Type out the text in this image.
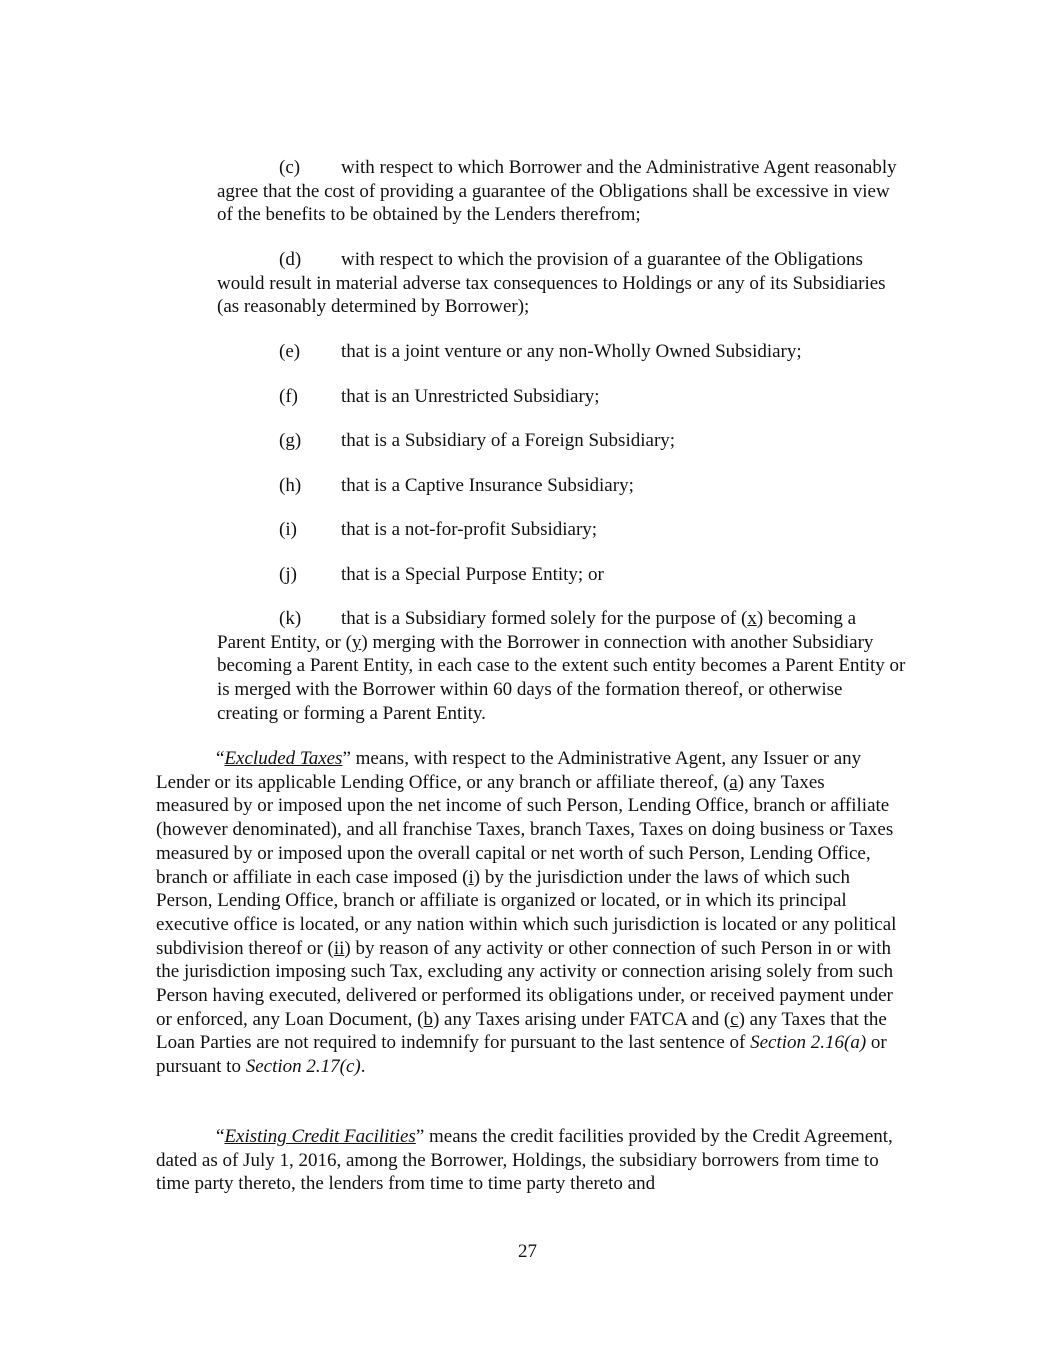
(c) with respect to which Borrower and the Administrative Agent reasonably agree that the cost of providing a guarantee of the Obligations shall be excessive in view of the benefits to be obtained by the Lenders therefrom;

(d) with respect to which the provision of a guarantee of the Obligations would result in material adverse tax consequences to Holdings or any of its Subsidiaries (as reasonably determined by Borrower);

(e) that is a joint venture or any non-Wholly Owned Subsidiary;

(f) that is an Unrestricted Subsidiary;

(g) that is a Subsidiary of a Foreign Subsidiary;

(h) that is a Captive Insurance Subsidiary;

(i) that is a not-for-profit Subsidiary;

(j) that is a Special Purpose Entity; or

(k) that is a Subsidiary formed solely for the purpose of (x) becoming a Parent Entity, or (y) merging with the Borrower in connection with another Subsidiary becoming a Parent Entity, in each case to the extent such entity becomes a Parent Entity or is merged with the Borrower within 60 days of the formation thereof, or otherwise creating or forming a Parent Entity.

“Excluded Taxes” means, with respect to the Administrative Agent, any Issuer or any Lender or its applicable Lending Office, or any branch or affiliate thereof, (a) any Taxes measured by or imposed upon the net income of such Person, Lending Office, branch or affiliate (however denominated), and all franchise Taxes, branch Taxes, Taxes on doing business or Taxes measured by or imposed upon the overall capital or net worth of such Person, Lending Office, branch or affiliate in each case imposed (i) by the jurisdiction under the laws of which such Person, Lending Office, branch or affiliate is organized or located, or in which its principal executive office is located, or any nation within which such jurisdiction is located or any political subdivision thereof or (ii) by reason of any activity or other connection of such Person in or with the jurisdiction imposing such Tax, excluding any activity or connection arising solely from such Person having executed, delivered or performed its obligations under, or received payment under or enforced, any Loan Document, (b) any Taxes arising under FATCA and (c) any Taxes that the Loan Parties are not required to indemnify for pursuant to the last sentence of Section 2.16(a) or pursuant to Section 2.17(c).

“Existing Credit Facilities” means the credit facilities provided by the Credit Agreement, dated as of July 1, 2016, among the Borrower, Holdings, the subsidiary borrowers from time to time party thereto, the lenders from time to time party thereto and

27
